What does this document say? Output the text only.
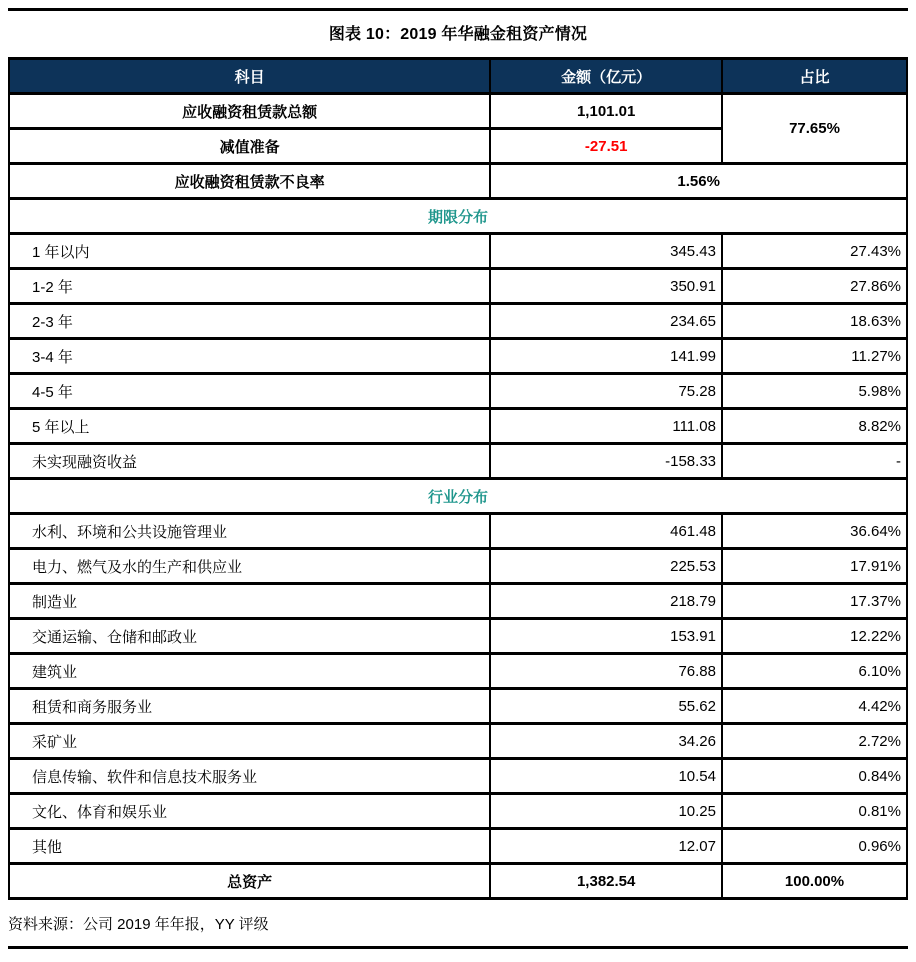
图表 10：2019 年华融金租资产情况
科目	金额（亿元）	占比
应收融资租赁款总额	1,101.01	77.65%
减值准备	-27.51	
应收融资租赁款不良率	1.56%	
期限分布		
1 年以内	345.43	27.43%
1-2 年	350.91	27.86%
2-3 年	234.65	18.63%
3-4 年	141.99	11.27%
4-5 年	75.28	5.98%
5 年以上	111.08	8.82%
未实现融资收益	-158.33	-
行业分布		
水利、环境和公共设施管理业	461.48	36.64%
电力、燃气及水的生产和供应业	225.53	17.91%
制造业	218.79	17.37%
交通运输、仓储和邮政业	153.91	12.22%
建筑业	76.88	6.10%
租赁和商务服务业	55.62	4.42%
采矿业	34.26	2.72%
信息传输、软件和信息技术服务业	10.54	0.84%
文化、体育和娱乐业	10.25	0.81%
其他	12.07	0.96%
总资产	1,382.54	100.00%
资料来源：公司 2019 年年报，YY 评级
